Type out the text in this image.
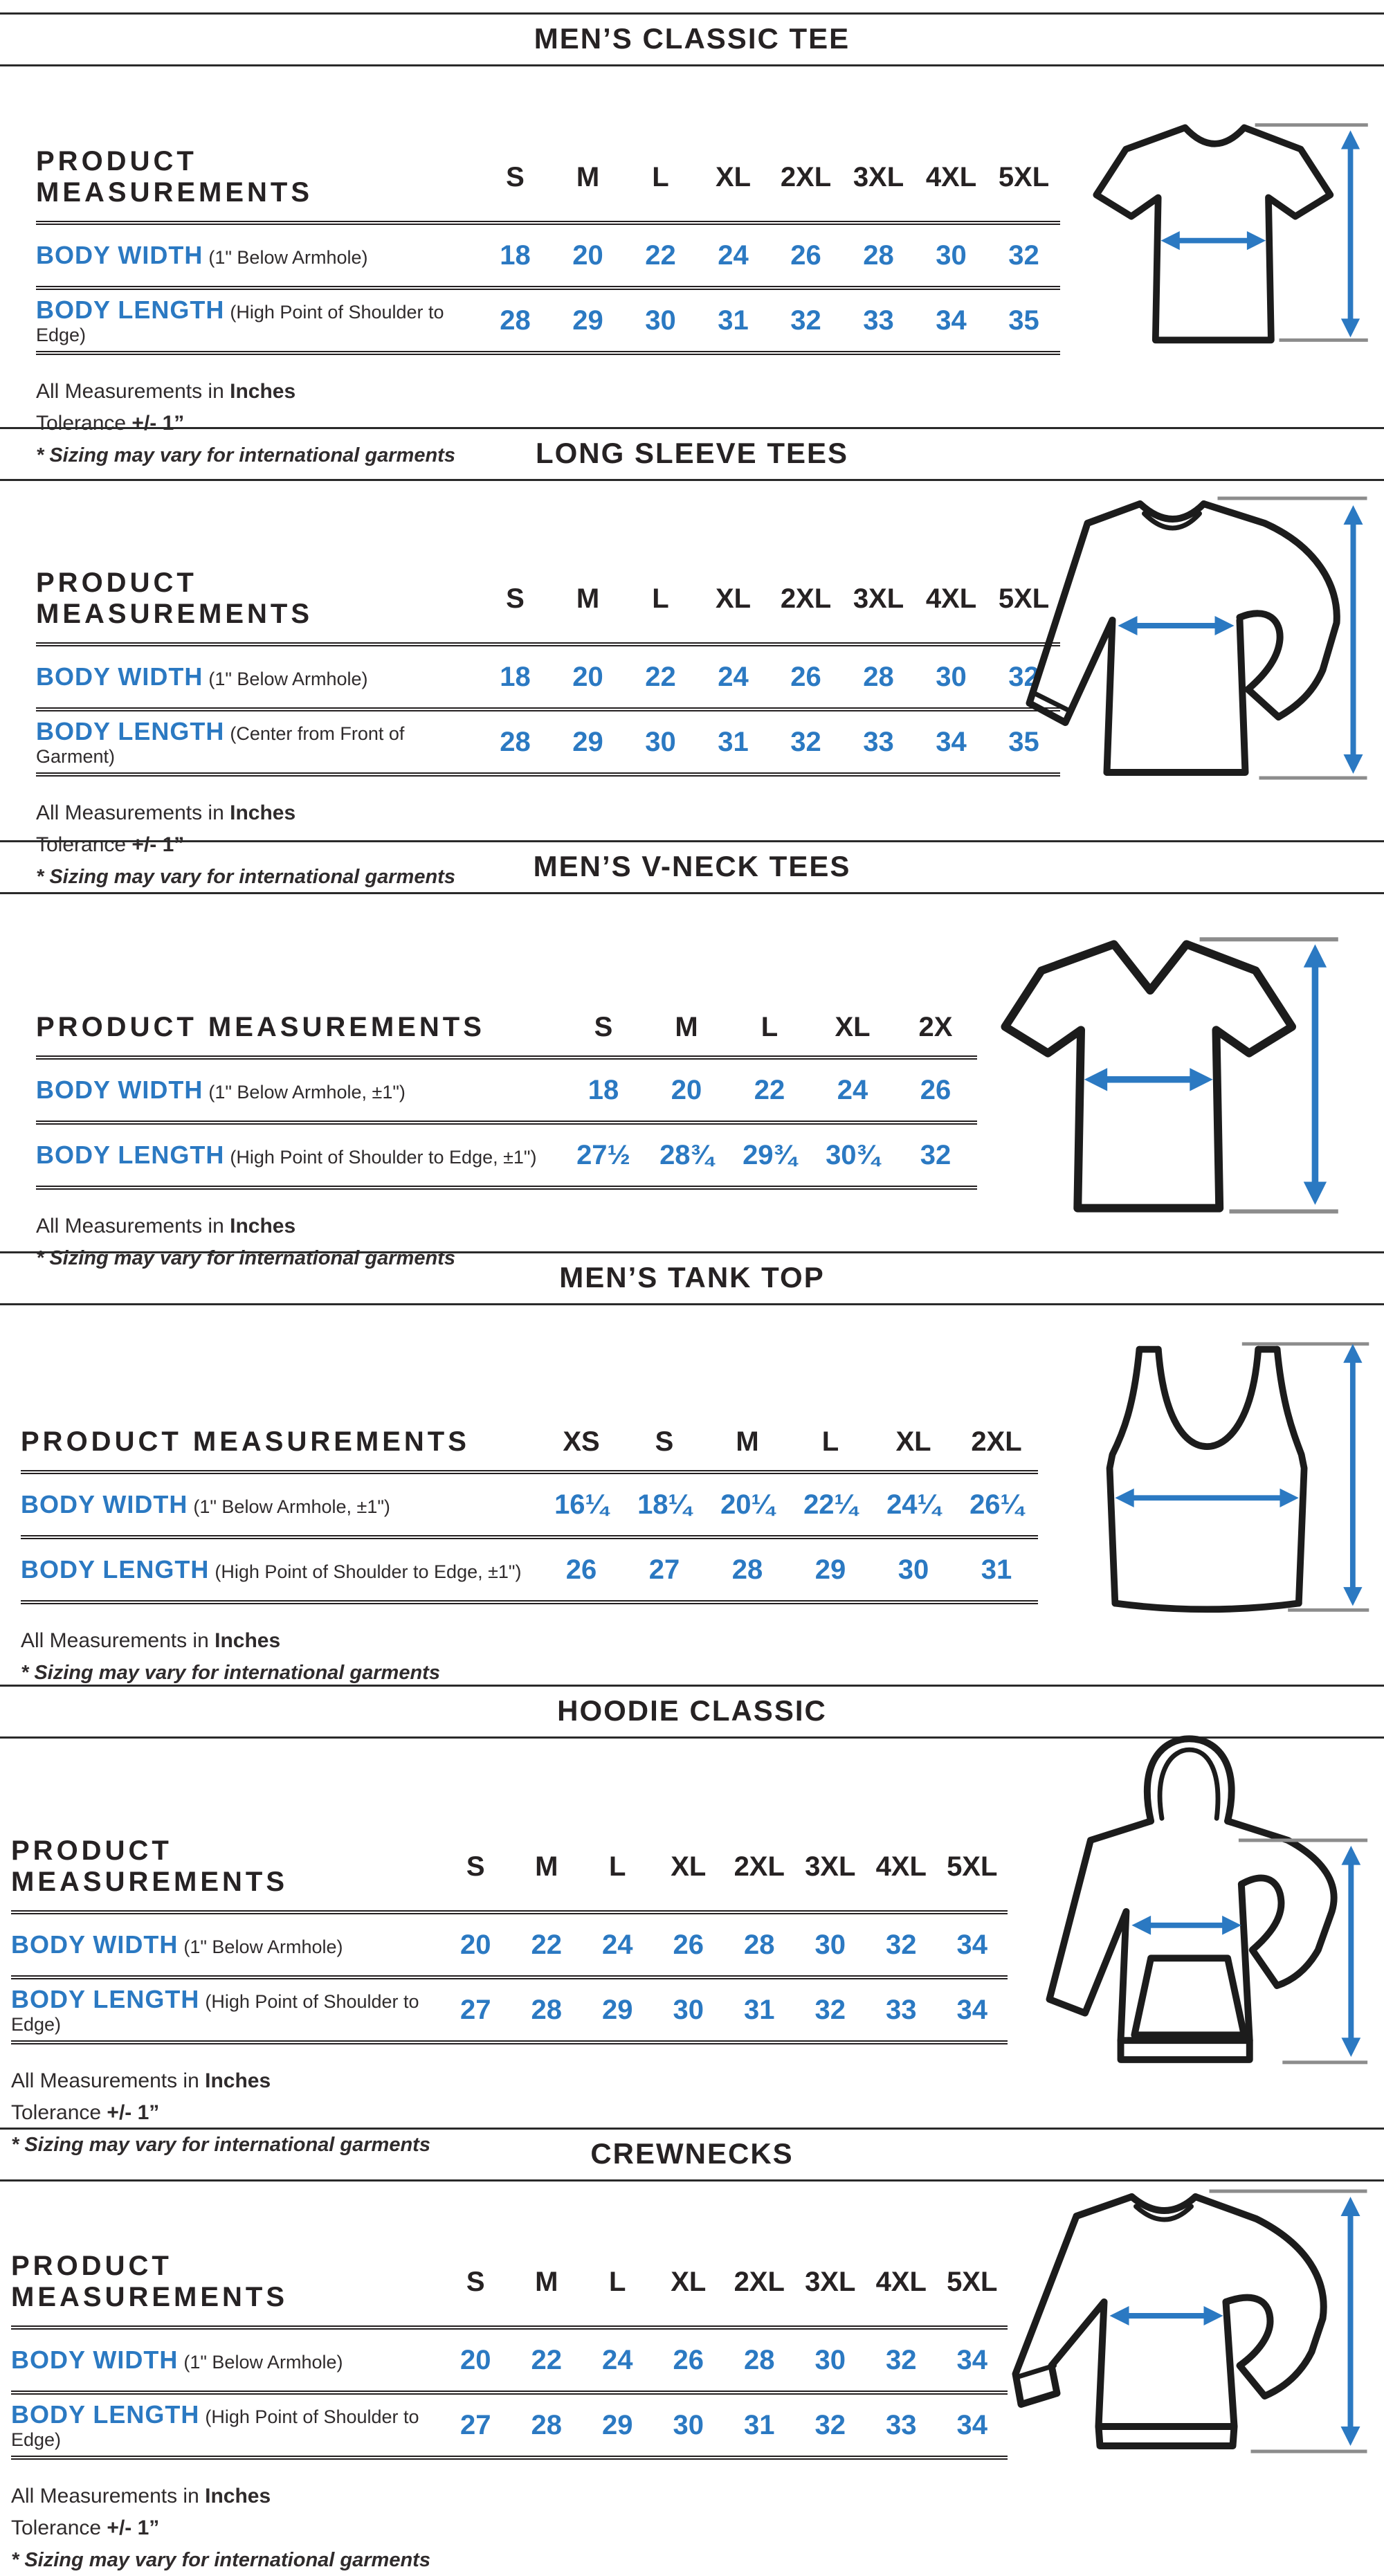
MEN’S CLASSIC TEE
PRODUCT MEASUREMENTS
S	M	L	XL	2XL 3XL 4XL 5XL
BODY WIDTH (1" Below Armhole)	18	20	22	24	26	28	30	32
BODY LENGTH (High Point of Shoulder to Edge)	28	29	30	31	32	33	34	35
All Measurements in Inches
Tolerance +/- 1”
* Sizing may vary for international garments	LONG SLEEVE TEES
PRODUCT MEASUREMENTS
S	M	L	XL	2XL 3XL 4XL 5XL
BODY WIDTH (1" Below Armhole)	18	20	22	24	26	28	30	32
BODY LENGTH (Center from Front of Garment)	28	29	30	31	32	33	34	35
All Measurements in Inches
Tolerance +/- 1”
* Sizing may vary for international garments	MEN’S V-NECK TEES
PRODUCT MEASUREMENTS	S	M	L	XL	2X
BODY WIDTH (1" Below Armhole, ±1")	18	20	22	24	26
BODY LENGTH (High Point of Shoulder to Edge, ±1")	27½	28¾	29¾	30¾	32
All Measurements in Inches
* Sizing may vary for international garments
MEN’S TANK TOP
PRODUCT MEASUREMENTS	XS	S	M	L	XL	2XL
BODY WIDTH (1" Below Armhole, ±1")	16¼	18¼	20¼	22¼	24¼	26¼
BODY LENGTH (High Point of Shoulder to Edge, ±1")	26	27	28	29	30	31
All Measurements in Inches
* Sizing may vary for international garments
HOODIE CLASSIC
PRODUCT MEASUREMENTS
S	M	L	XL	2XL 3XL 4XL 5XL
BODY WIDTH (1" Below Armhole)	20	22	24	26	28	30	32	34
BODY LENGTH (High Point of Shoulder to Edge)	27	28	29	30	31	32	33	34
All Measurements in Inches
Tolerance +/- 1”
* Sizing may vary for international garments	CREWNECKS
PRODUCT MEASUREMENTS
S	M	L	XL	2XL 3XL 4XL 5XL
BODY WIDTH (1" Below Armhole)	20	22	24	26	28	30	32	34
BODY LENGTH (High Point of Shoulder to Edge)	27	28	29	30	31	32	33	34
All Measurements in Inches
Tolerance +/- 1”
* Sizing may vary for international garments
